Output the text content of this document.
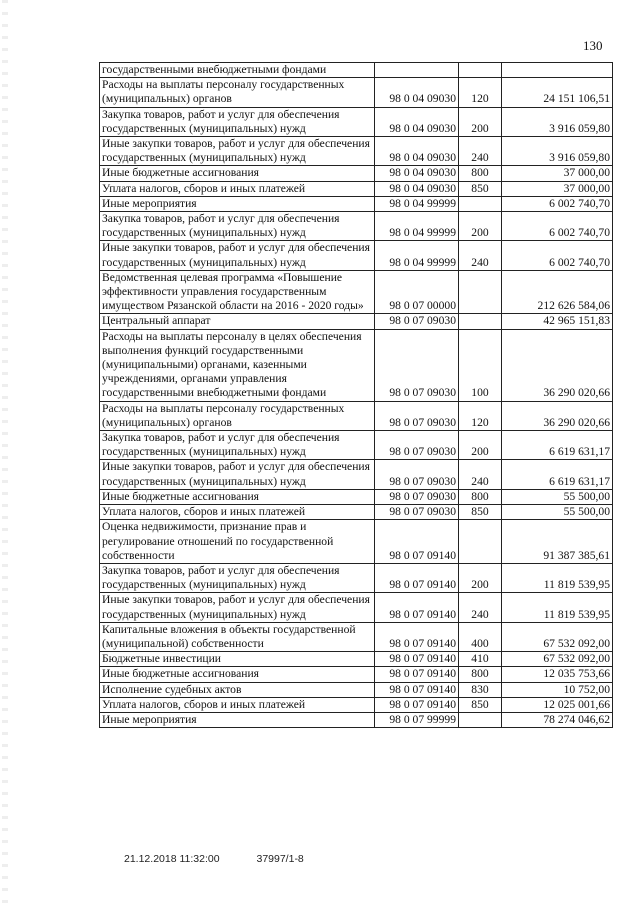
130
государственными внебюджетными фондами			
Расходы на выплаты персоналу государственных (муниципальных) органов	98 0 04 09030	120	24 151 106,51
Закупка товаров, работ и услуг для обеспечения государственных (муниципальных) нужд	98 0 04 09030	200	3 916 059,80
Иные закупки товаров, работ и услуг для обеспечения государственных (муниципальных) нужд	98 0 04 09030	240	3 916 059,80
Иные бюджетные ассигнования	98 0 04 09030	800	37 000,00
Уплата налогов, сборов и иных платежей	98 0 04 09030	850	37 000,00
Иные мероприятия	98 0 04 99999		6 002 740,70
Закупка товаров, работ и услуг для обеспечения государственных (муниципальных) нужд	98 0 04 99999	200	6 002 740,70
Иные закупки товаров, работ и услуг для обеспечения государственных (муниципальных) нужд	98 0 04 99999	240	6 002 740,70
Ведомственная целевая программа «Повышение эффективности управления государственным имуществом Рязанской области на 2016 - 2020 годы»	98 0 07 00000		212 626 584,06
Центральный аппарат	98 0 07 09030		42 965 151,83
Расходы на выплаты персоналу в целях обеспечения выполнения функций государственными (муниципальными) органами, казенными учреждениями, органами управления государственными внебюджетными фондами	98 0 07 09030	100	36 290 020,66
Расходы на выплаты персоналу государственных (муниципальных) органов	98 0 07 09030	120	36 290 020,66
Закупка товаров, работ и услуг для обеспечения государственных (муниципальных) нужд	98 0 07 09030	200	6 619 631,17
Иные закупки товаров, работ и услуг для обеспечения государственных (муниципальных) нужд	98 0 07 09030	240	6 619 631,17
Иные бюджетные ассигнования	98 0 07 09030	800	55 500,00
Уплата налогов, сборов и иных платежей	98 0 07 09030	850	55 500,00
Оценка недвижимости, признание прав и регулирование отношений по государственной собственности	98 0 07 09140		91 387 385,61
Закупка товаров, работ и услуг для обеспечения государственных (муниципальных) нужд	98 0 07 09140	200	11 819 539,95
Иные закупки товаров, работ и услуг для обеспечения государственных (муниципальных) нужд	98 0 07 09140	240	11 819 539,95
Капитальные вложения в объекты государственной (муниципальной) собственности	98 0 07 09140	400	67 532 092,00
Бюджетные инвестиции	98 0 07 09140	410	67 532 092,00
Иные бюджетные ассигнования	98 0 07 09140	800	12 035 753,66
Исполнение судебных актов	98 0 07 09140	830	10 752,00
Уплата налогов, сборов и иных платежей	98 0 07 09140	850	12 025 001,66
Иные мероприятия	98 0 07 99999		78 274 046,62
21.12.2018 11:32:00	37997/1-8
